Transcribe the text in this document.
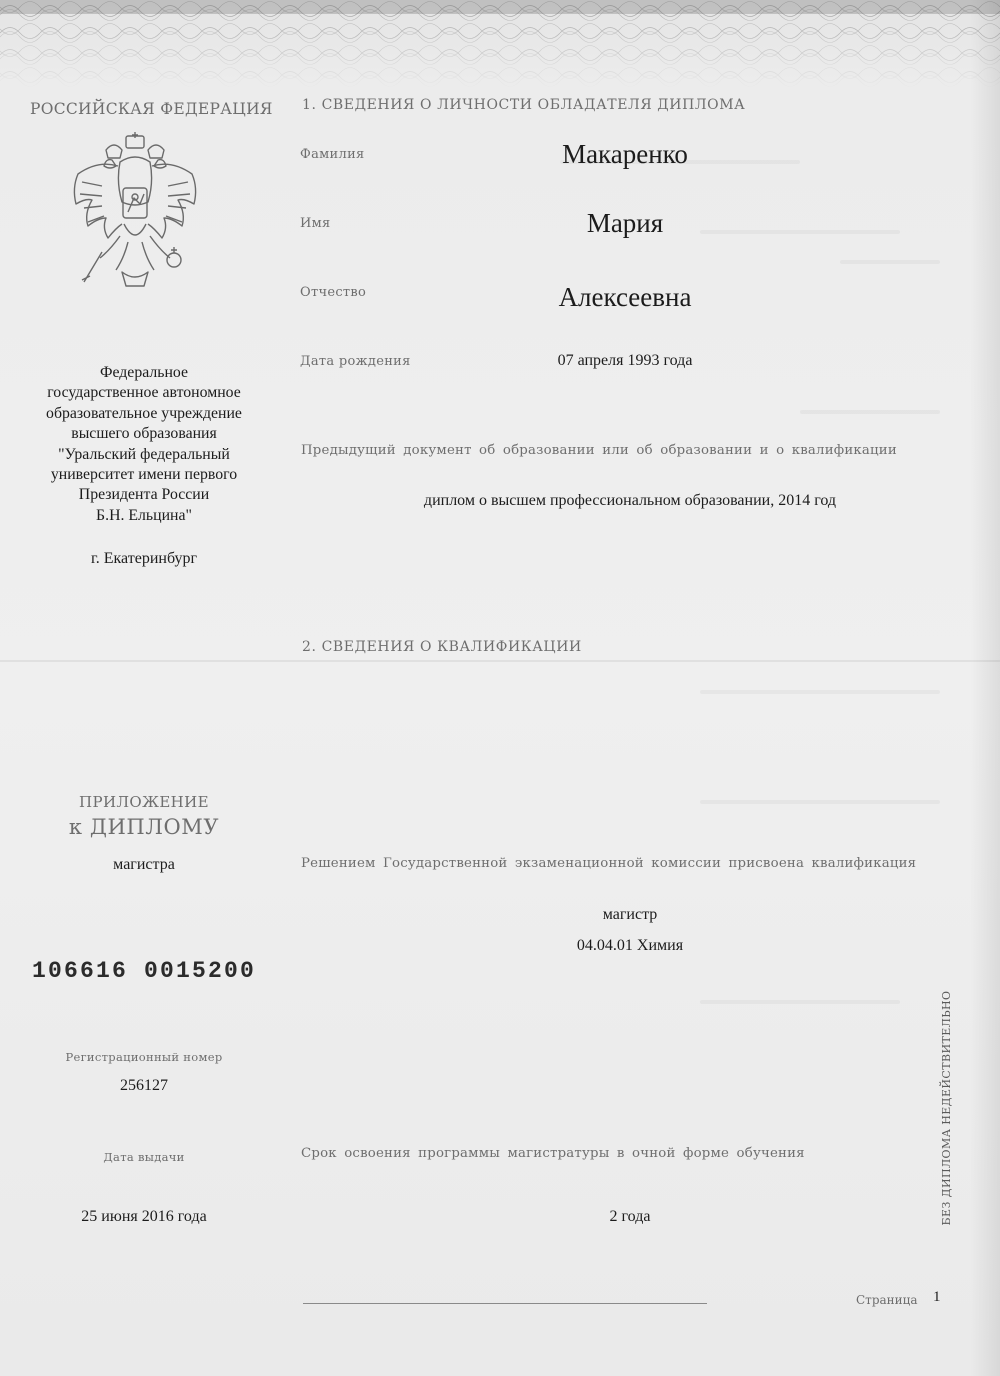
РОССИЙСКАЯ ФЕДЕРАЦИЯ
Федеральное
государственное автономное
образовательное учреждение
высшего образования
"Уральский федеральный
университет имени первого
Президента России
Б.Н. Ельцина"
г. Екатеринбург
ПРИЛОЖЕНИЕ
к ДИПЛОМУ
магистра
106616 0015200
Регистрационный номер
256127
Дата выдачи
25 июня 2016 года
1. СВЕДЕНИЯ О ЛИЧНОСТИ ОБЛАДАТЕЛЯ ДИПЛОМА
Фамилия	Макаренко
Имя	Мария
Отчество	Алексеевна
Дата рождения	07 апреля 1993 года
Предыдущий документ об образовании или об образовании и о квалификации
диплом о высшем профессиональном образовании, 2014 год
2. СВЕДЕНИЯ О КВАЛИФИКАЦИИ
Решением Государственной экзаменационной комиссии присвоена квалификация
магистр
04.04.01 Химия
Срок освоения программы магистратуры в очной форме обучения
2 года
Страница 1
БЕЗ ДИПЛОМА НЕДЕЙСТВИТЕЛЬНО
